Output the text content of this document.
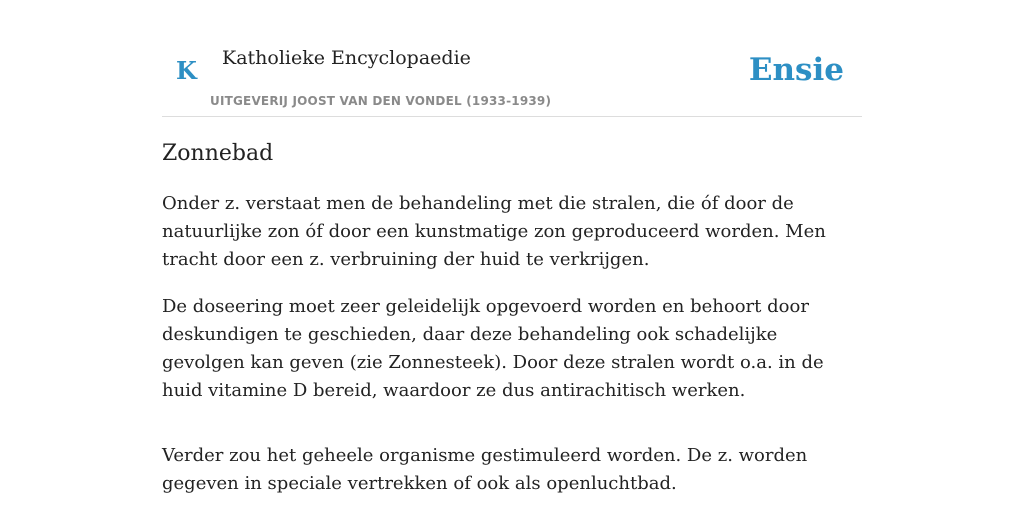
K Katholieke Encyclopaedie
UITGEVERIJ JOOST VAN DEN VONDEL (1933-1939)
Ensie
Zonnebad

Onder z. verstaat men de behandeling met die stralen, die óf door de natuurlijke zon óf door een kunstmatige zon geproduceerd worden. Men tracht door een z. verbruining der huid te verkrijgen.

De doseering moet zeer geleidelijk opgevoerd worden en behoort door deskundigen te geschieden, daar deze behandeling ook schadelijke gevolgen kan geven (zie Zonnesteek). Door deze stralen wordt o.a. in de huid vitamine D bereid, waardoor ze dus antirachitisch werken.

Verder zou het geheele organisme gestimuleerd worden. De z. worden gegeven in speciale vertrekken of ook als openluchtbad.
